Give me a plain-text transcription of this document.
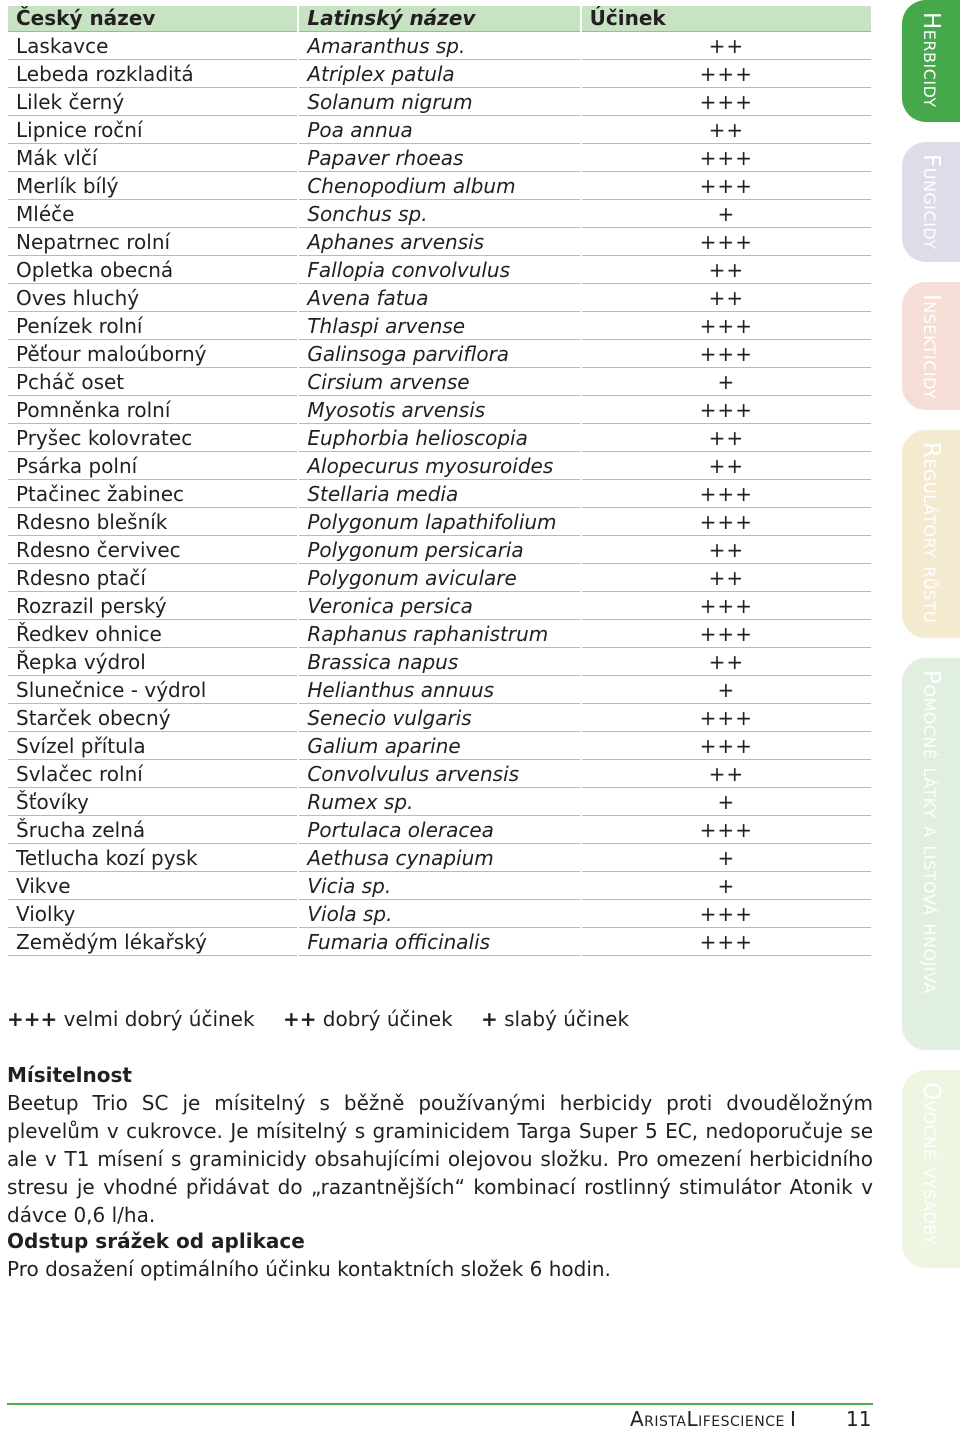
Český název	Latinský název	Účinek
Laskavce	Amaranthus sp.	++
Lebeda rozkladitá	Atriplex patula	+++
Lilek černý	Solanum nigrum	+++
Lipnice roční	Poa annua	++
Mák vlčí	Papaver rhoeas	+++
Merlík bílý	Chenopodium album	+++
Mléče	Sonchus sp.	+
Nepatrnec rolní	Aphanes arvensis	+++
Opletka obecná	Fallopia convolvulus	++
Oves hluchý	Avena fatua	++
Penízek rolní	Thlaspi arvense	+++
Pěťour maloúborný	Galinsoga parviflora	+++
Pcháč oset	Cirsium arvense	+
Pomněnka rolní	Myosotis arvensis	+++
Pryšec kolovratec	Euphorbia helioscopia	++
Psárka polní	Alopecurus myosuroides	++
Ptačinec žabinec	Stellaria media	+++
Rdesno blešník	Polygonum lapathifolium	+++
Rdesno červivec	Polygonum persicaria	++
Rdesno ptačí	Polygonum aviculare	++
Rozrazil perský	Veronica persica	+++
Ředkev ohnice	Raphanus raphanistrum	+++
Řepka výdrol	Brassica napus	++
Slunečnice - výdrol	Helianthus annuus	+
Starček obecný	Senecio vulgaris	+++
Svízel přítula	Galium aparine	+++
Svlačec rolní	Convolvulus arvensis	++
Šťovíky	Rumex sp.	+
Šrucha zelná	Portulaca oleracea	+++
Tetlucha kozí pysk	Aethusa cynapium	+
Vikve	Vicia sp.	+
Violky	Viola sp.	+++
Zemědým lékařský	Fumaria officinalis	+++
+++ velmi dobrý účinek ++ dobrý účinek + slabý účinek
Mísitelnost
Beetup Trio SC je mísitelný s běžně používanými herbicidy proti dvouděložným plevelům v cukrovce. Je mísitelný s graminicidem Targa Super 5 EC, nedoporučuje se ale v T1 mísení s graminicidy obsahujícími olejovou složku. Pro omezení herbicidního stresu je vhodné přidávat do „razantnějších“ kombinací rostlinný stimulátor Atonik v dávce 0,6 l/ha.
Odstup srážek od aplikace
Pro dosažení optimálního účinku kontaktních složek 6 hodin.
AristaLifescience I	11
Herbicidy
Fungicidy
Insekticidy
Regulátory růstu
Pomocné látky a listová hnojiva
Ovocné výsadby
